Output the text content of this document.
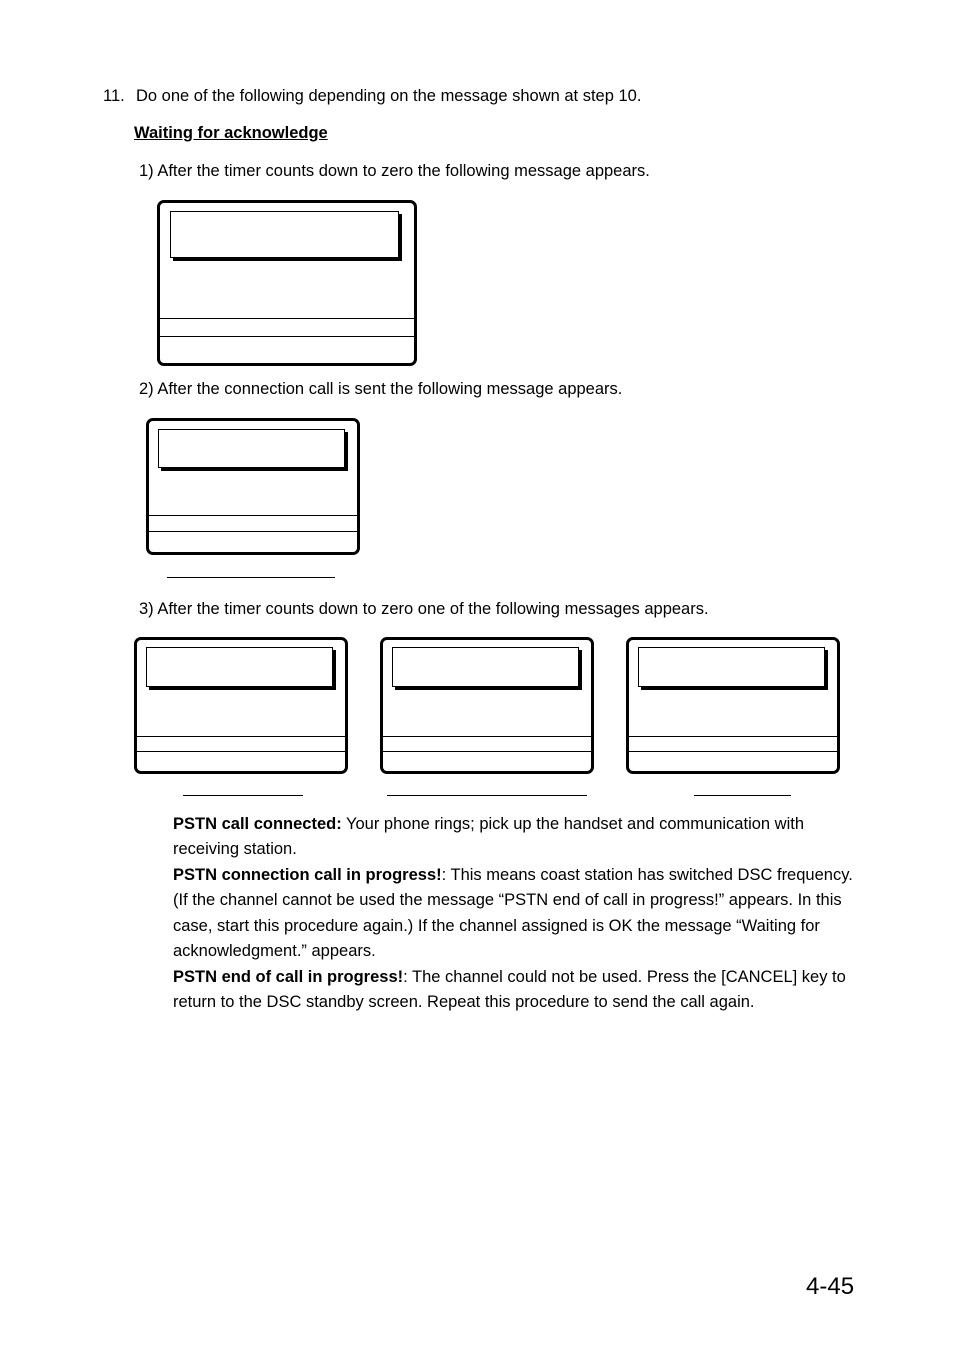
11. Do one of the following depending on the message shown at step 10.
Waiting for acknowledge
1) After the timer counts down to zero the following message appears.
2) After the connection call is sent the following message appears.
3) After the timer counts down to zero one of the following messages appears.
PSTN call connected: Your phone rings; pick up the handset and communication with receiving station.
PSTN connection call in progress!: This means coast station has switched DSC frequency. (If the channel cannot be used the message “PSTN end of call in progress!” appears. In this case, start this procedure again.) If the channel assigned is OK the message “Waiting for acknowledgment.” appears.
PSTN end of call in progress!: The channel could not be used. Press the [CANCEL] key to return to the DSC standby screen. Repeat this procedure to send the call again.
4-45
